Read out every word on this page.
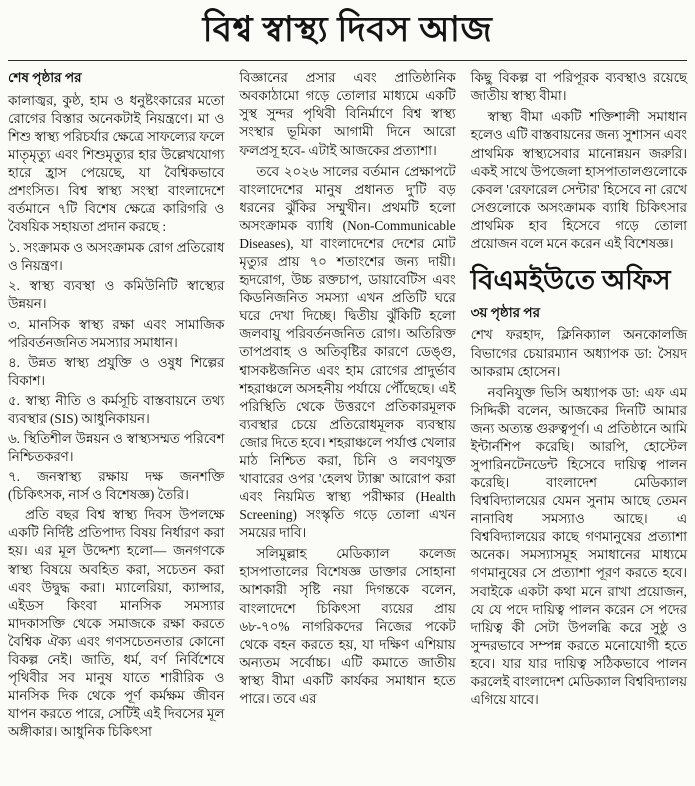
বিশ্ব স্বাস্থ্য দিবস আজ

শেষ পৃষ্ঠার পর

কালাজ্বর, কুষ্ঠ, হাম ও ধনুষ্টংকারের মতো রোগের বিস্তার অনেকটাই নিয়ন্ত্রণে। মা ও শিশু স্বাস্থ্য পরিচর্যার ক্ষেত্রে সাফল্যের ফলে মাতৃমৃত্যু এবং শিশুমৃত্যুর হার উল্লেখযোগ্য হারে হ্রাস পেয়েছে, যা বৈশ্বিকভাবে প্রশংসিত। বিশ্ব স্বাস্থ্য সংস্থা বাংলাদেশে বর্তমানে ৭টি বিশেষ ক্ষেত্রে কারিগরি ও বৈষয়িক সহায়তা প্রদান করছে :

১. সংক্রামক ও অসংক্রামক রোগ প্রতিরোধ ও নিয়ন্ত্রণ।

২. স্বাস্থ্য ব্যবস্থা ও কমিউনিটি স্বাস্থ্যের উন্নয়ন।

৩. মানসিক স্বাস্থ্য রক্ষা এবং সামাজিক পরিবর্তনজনিত সমস্যার সমাধান।

৪. উন্নত স্বাস্থ্য প্রযুক্তি ও ওষুধ শিল্পের বিকাশ।

৫. স্বাস্থ্য নীতি ও কর্মসূচি বাস্তবায়নে তথ্য ব্যবস্থার (SIS) আধুনিকায়ন।

৬. স্থিতিশীল উন্নয়ন ও স্বাস্থ্যসম্মত পরিবেশ নিশ্চিতকরণ।

৭. জনস্বাস্থ্য রক্ষায় দক্ষ জনশক্তি (চিকিৎসক, নার্স ও বিশেষজ্ঞ) তৈরি।

প্রতি বছর বিশ্ব স্বাস্থ্য দিবস উপলক্ষে একটি নির্দিষ্ট প্রতিপাদ্য বিষয় নির্ধারণ করা হয়। এর মূল উদ্দেশ্য হলো— জনগণকে স্বাস্থ্য বিষয়ে অবহিত করা, সচেতন করা এবং উদ্বুদ্ধ করা। ম্যালেরিয়া, ক্যান্সার, এইডস কিংবা মানসিক সমস্যার মাদকাসক্তি থেকে সমাজকে রক্ষা করতে বৈশ্বিক ঐক্য এবং গণসচেতনতার কোনো বিকল্প নেই। জাতি, ধর্ম, বর্ণ নির্বিশেষে পৃথিবীর সব মানুষ যাতে শারীরিক ও মানসিক দিক থেকে পূর্ণ কর্মক্ষম জীবন যাপন করতে পারে, সেটিই এই দিবসের মূল অঙ্গীকার। আধুনিক চিকিৎসা

বিজ্ঞানের প্রসার এবং প্রাতিষ্ঠানিক অবকাঠামো গড়ে তোলার মাধ্যমে একটি সুস্থ সুন্দর পৃথিবী বিনির্মাণে বিশ্ব স্বাস্থ্য সংস্থার ভূমিকা আগামী দিনে আরো ফলপ্রসূ হবে- এটাই আজকের প্রত্যাশা।

তবে ২০২৬ সালের বর্তমান প্রেক্ষাপটে বাংলাদেশের মানুষ প্রধানত দু'টি বড় ধরনের ঝুঁকির সম্মুখীন। প্রথমটি হলো অসংক্রামক ব্যাধি (Non-Communicable Diseases), যা বাংলাদেশের দেশের মোট মৃত্যুর প্রায় ৭০ শতাংশের জন্য দায়ী। হৃদরোগ, উচ্চ রক্তচাপ, ডায়াবেটিস এবং কিডনিজনিত সমস্যা এখন প্রতিটি ঘরে ঘরে দেখা দিচ্ছে। দ্বিতীয় ঝুঁকিটি হলো জলবায়ু পরিবর্তনজনিত রোগ। অতিরিক্ত তাপপ্রবাহ ও অতিবৃষ্টির কারণে ডেঙ্গু, শ্বাসকষ্টজনিত এবং হাম রোগের প্রাদুর্ভাব শহরাঞ্চলে অসহনীয় পর্যায়ে পৌঁছেছে। এই পরিস্থিতি থেকে উত্তরণে প্রতিকারমূলক ব্যবস্থার চেয়ে প্রতিরোধমূলক ব্যবস্থায় জোর দিতে হবে। শহরাঞ্চলে পর্যাপ্ত খেলার মাঠ নিশ্চিত করা, চিনি ও লবণযুক্ত খাবারের ওপর 'হেলথ ট্যাক্স' আরোপ করা এবং নিয়মিত স্বাস্থ্য পরীক্ষার (Health Screening) সংস্কৃতি গড়ে তোলা এখন সময়ের দাবি।

সলিমুল্লাহ মেডিক্যাল কলেজ হাসপাতালের বিশেষজ্ঞ ডাক্তার সোহানা আশকারী সৃষ্টি নয়া দিগন্তকে বলেন, বাংলাদেশে চিকিৎসা ব্যয়ের প্রায় ৬৮-৭০% নাগরিকদের নিজের পকেট থেকে বহন করতে হয়, যা দক্ষিণ এশিয়ায় অন্যতম সর্বোচ্চ। এটি কমাতে জাতীয় স্বাস্থ্য বীমা একটি কার্যকর সমাধান হতে পারে। তবে এর

কিছু বিকল্প বা পরিপূরক ব্যবস্থাও রয়েছে জাতীয় স্বাস্থ্য বীমা।

স্বাস্থ্য বীমা একটি শক্তিশালী সমাধান হলেও এটি বাস্তবায়নের জন্য সুশাসন এবং প্রাথমিক স্বাস্থ্যসেবার মানোন্নয়ন জরুরি। একই সাথে উপজেলা হাসপাতালগুলোকে কেবল 'রেফারেল সেন্টার' হিসেবে না রেখে সেগুলোকে অসংক্রামক ব্যাধি চিকিৎসার প্রাথমিক হাব হিসেবে গড়ে তোলা প্রয়োজন বলে মনে করেন এই বিশেষজ্ঞ।

বিএমইউতে অফিস

৩য় পৃষ্ঠার পর

শেখ ফরহাদ, ক্লিনিক্যাল অনকোলজি বিভাগের চেয়ারম্যান অধ্যাপক ডা: সৈয়দ আকরাম হোসেন।

নবনিযুক্ত ভিসি অধ্যাপক ডা: এফ এম সিদ্দিকী বলেন, আজকের দিনটি আমার জন্য অত্যন্ত গুরুত্বপূর্ণ। এ প্রতিষ্ঠানে আমি ইন্টার্নশিপ করেছি। আরপি, হোস্টেল সুপারিনটেনডেন্ট হিসেবে দায়িত্ব পালন করেছি। বাংলাদেশ মেডিক্যাল বিশ্ববিদ্যালয়ের যেমন সুনাম আছে তেমন নানাবিধ সমস্যাও আছে। এ বিশ্ববিদ্যালয়ের কাছে গণমানুষের প্রত্যাশা অনেক। সমস্যাসমূহ সমাধানের মাধ্যমে গণমানুষের সে প্রত্যাশা পূরণ করতে হবে। সবাইকে একটা কথা মনে রাখা প্রয়োজন, যে যে পদে দায়িত্ব পালন করেন সে পদের দায়িত্ব কী সেটা উপলব্ধি করে সুষ্ঠু ও সুন্দরভাবে সম্পন্ন করতে মনোযোগী হতে হবে। যার যার দায়িত্ব সঠিকভাবে পালন করলেই বাংলাদেশ মেডিক্যাল বিশ্ববিদ্যালয় এগিয়ে যাবে।
